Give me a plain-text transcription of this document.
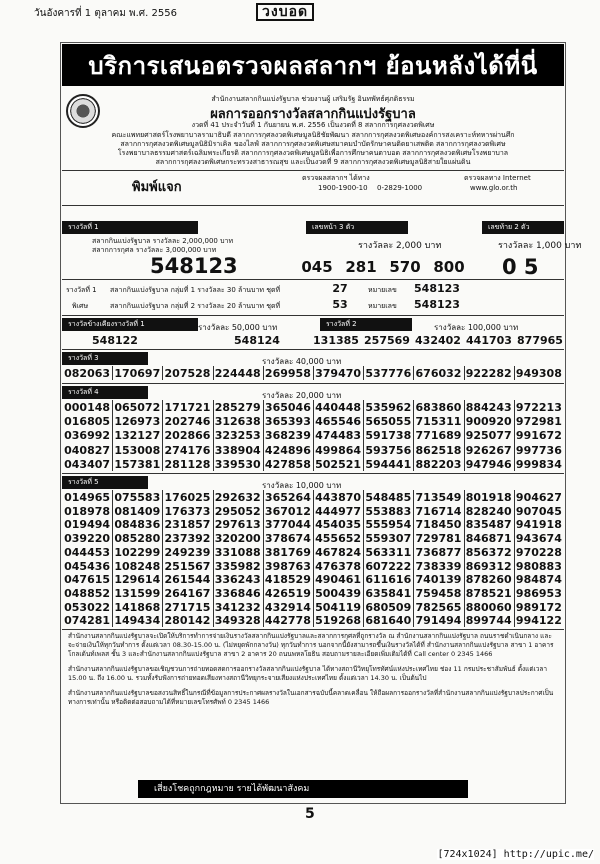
วันอังคารที่ 1 ตุลาคม พ.ศ. 2556	วงบอด
บริการเสนอตรวจผลสลากฯ ย้อนหลังได้ที่นี่
สำนักงานสลากกินแบ่งรัฐบาล ช่วยงานผู้ เสริมรัฐ อินทพัทธ์ศุภดิธรรม
ผลการออกรางวัลสลากกินแบ่งรัฐบาล
งวดที่ 41 ประจำวันที่ 1 กันยายน พ.ศ. 2556 เป็นงวดที่ 8 สลากการกุศลงวดพิเศษ
คณะแพทยศาสตร์โรงพยาบาลรามาธิบดี สลากการกุศลงวดพิเศษมูลนิธิชัยพัฒนา สลากการกุศลงวดพิเศษองค์การสงเคราะห์ทหารผ่านศึก
สลากการกุศลงวดพิเศษมูลนิธิมิราเคิล ของไลฟ์ สลากการกุศลงวดพิเศษสมาคมบำบัดรักษาคนติดยาเสพติด สลากการกุศลงวดพิเศษ
โรงพยาบาลธรรมศาสตร์เฉลิมพระเกียรติ สลากการกุศลงวดพิเศษมูลนิธิเพื่อการศึกษาคนตาบอด สลากการกุศลงวดพิเศษโรงพยาบาล
สลากการกุศลงวดพิเศษกระทรวงสาธารณสุข และเป็นงวดที่ 9 สลากการกุศลงวดพิเศษมูลนิธิสายใยแผ่นดิน
พิมพ์แจก
ตรวจผลสลากฯ ได้ทาง
1900-1900-10 0-2829-1000
ตรวจผลทาง Internet
www.glo.or.th
รางวัลที่ 1
สลากกินแบ่งรัฐบาล รางวัลละ 2,000,000 บาท
สลากการกุศล รางวัลละ 3,000,000 บาท
548123
เลขหน้า 3 ตัว
รางวัลละ 2,000 บาท
045 281 570 800
เลขท้าย 2 ตัว
รางวัลละ 1,000 บาท
0 5
รางวัลที่ 1
พิเศษ
สลากกินแบ่งรัฐบาล กลุ่มที่ 1 รางวัลละ 30 ล้านบาท ชุดที่	27	หมายเลข 548123
สลากกินแบ่งรัฐบาล กลุ่มที่ 2 รางวัลละ 20 ล้านบาท ชุดที่	53	หมายเลข 548123
รางวัลข้างเคียงรางวัลที่ 1	รางวัลละ 50,000 บาท
548122	548124
รางวัลที่ 2	รางวัลละ 100,000 บาท
131385 257569 432402 441703 877965
รางวัลที่ 3	รางวัลละ 40,000 บาท
082063 170697 207528 224448 269958 379470 537776 676032 922282 949308
รางวัลที่ 4	รางวัลละ 20,000 บาท
000148 065072 171721 285279 365046 440448 535962 683860 884243 972213
016805 126973 202746 312638 365393 465546 565055 715311 900920 972981
036992 132127 202866 323253 368239 474483 591738 771689 925077 991672
040827 153008 274176 338904 424896 499864 593756 862518 926267 997736
043407 157381 281128 339530 427858 502521 594441 882203 947946 999834
รางวัลที่ 5	รางวัลละ 10,000 บาท
014965 075583 176025 292632 365264 443870 548485 713549 801918 904627
018978 081409 176373 295052 367012 444977 553883 716714 828240 907045
019494 084836 231857 297613 377044 454035 555954 718450 835487 941918
039220 085280 237392 320200 378674 455652 559307 729781 846871 943674
044453 102299 249239 331088 381769 467824 563311 736877 856372 970228
045436 108248 251567 335982 398763 476378 607222 738339 869312 980883
047615 129614 261544 336243 418529 490461 611616 740139 878260 984874
048852 131599 264167 336846 426519 500439 635841 759458 878521 986953
053022 141868 271715 341232 432914 504119 680509 782565 880060 989172
074281 149434 280142 349328 442778 519268 681640 791494 899744 994122

สำนักงานสลากกินแบ่งรัฐบาลจะเปิดให้บริการทำการจ่ายเงินรางวัลสลากกินแบ่งรัฐบาลและสลากการกุศลที่ถูกรางวัล ณ สำนักงานสลากกินแบ่งรัฐบาล ถนนราชดำเนินกลาง และจะจ่ายเงินให้ทุกวันทำการ ตั้งแต่เวลา 08.30-15.00 น. (ไม่หยุดพักกลางวัน) ทุกวันทำการ นอกจากนี้ยังสามารถขึ้นเงินรางวัลได้ที่ สำนักงานสลากกินแบ่งรัฐบาล สาขา 1 อาคารโกลเด้นท์เพลส ชั้น 3 และสำนักงานสลากกินแบ่งรัฐบาล สาขา 2 อาคาร 20 ถนนพหลโยธิน สอบถามรายละเอียดเพิ่มเติมได้ที่ Call center 0 2345 1466

สำนักงานสลากกินแบ่งรัฐบาลขอเชิญชวนการถ่ายทอดสดการออกรางวัลสลากกินแบ่งรัฐบาล ได้ทางสถานีวิทยุโทรทัศน์แห่งประเทศไทย ช่อง 11 กรมประชาสัมพันธ์ ตั้งแต่เวลา 15.00 น. ถึง 16.00 น. รวมทั้งรับฟังการถ่ายทอดเสียงทางสถานีวิทยุกระจายเสียงแห่งประเทศไทย ตั้งแต่เวลา 14.30 น. เป็นต้นไป

สำนักงานสลากกินแบ่งรัฐบาลขอสงวนสิทธิ์ในกรณีที่ข้อมูลการประกาศผลรางวัลในเอกสารฉบับนี้คลาดเคลื่อน ให้ถือผลการออกรางวัลที่สำนักงานสลากกินแบ่งรัฐบาลประกาศเป็นทางการเท่านั้น หรือติดต่อสอบถามได้ที่หมายเลขโทรศัพท์ 0 2345 1466

เสี่ยงโชคถูกกฎหมาย รายได้พัฒนาสังคม
5
[724x1024] http://upic.me/
